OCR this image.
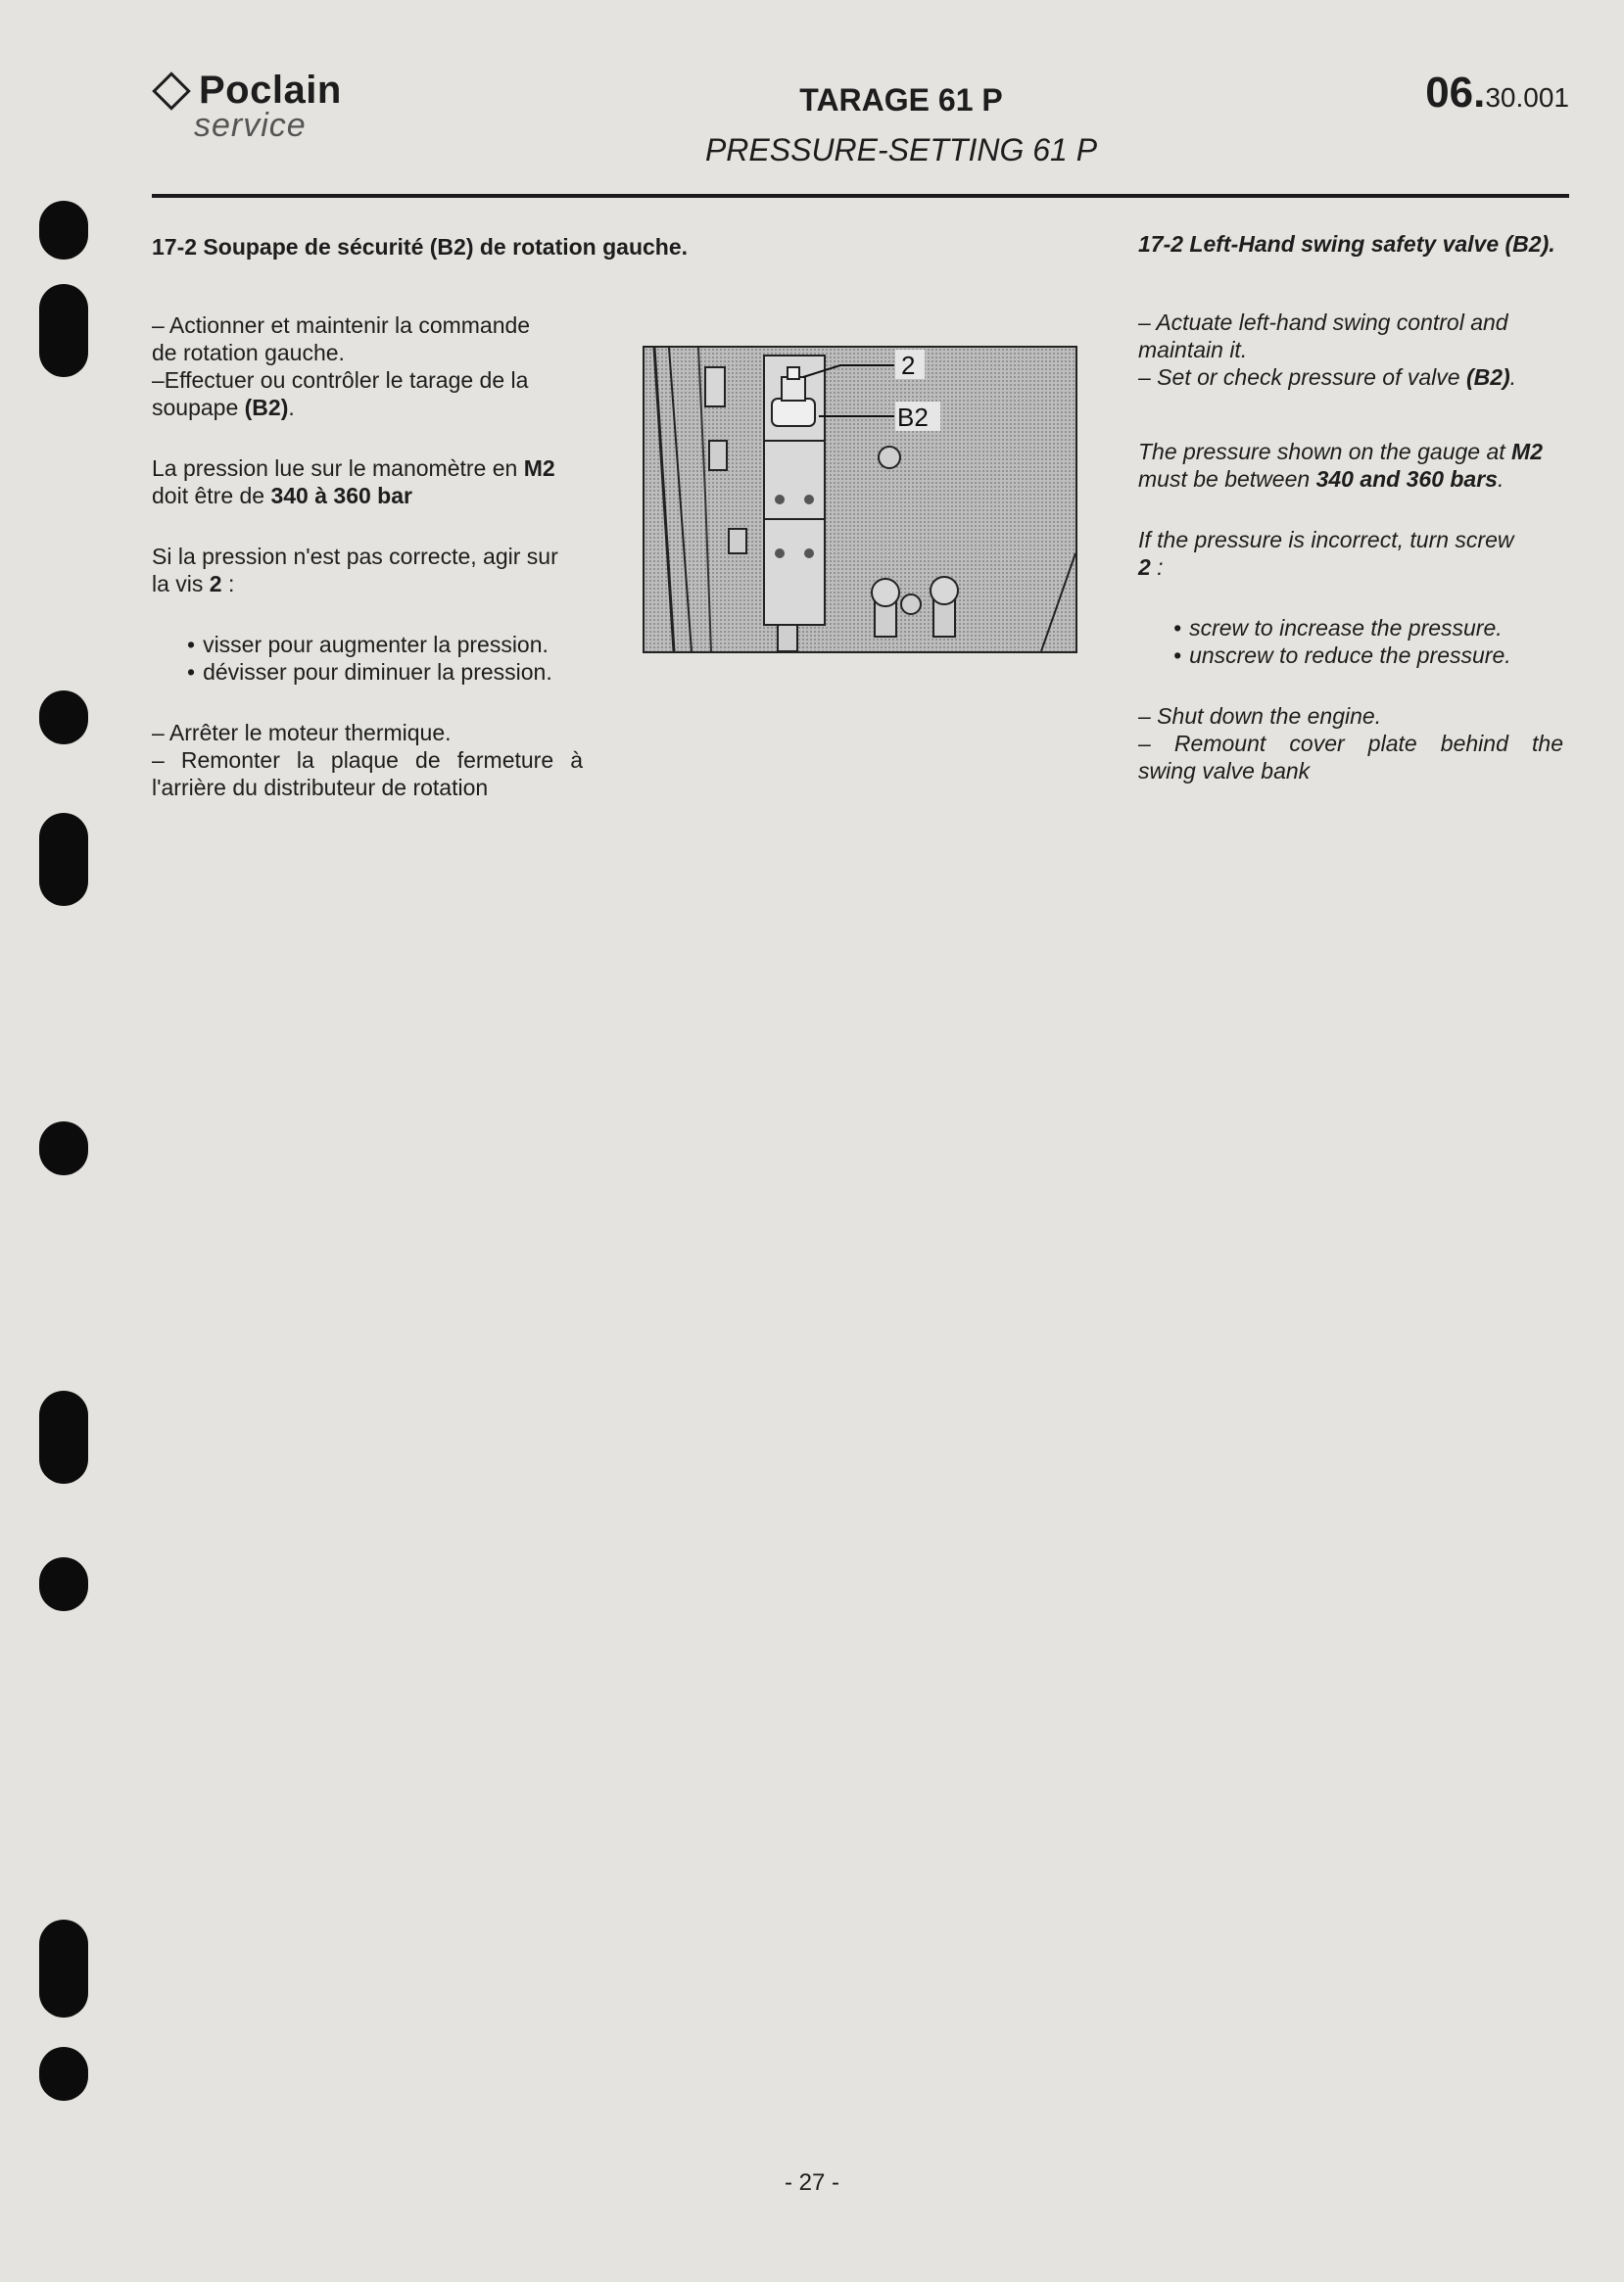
Poclain
service
TARAGE 61 P
PRESSURE-SETTING 61 P
06.30.001
17-2 Soupape de sécurité (B2) de rotation gauche.
– Actionner et maintenir la commande
de rotation gauche.
–Effectuer ou contrôler le tarage de la
soupape (B2).
La pression lue sur le manomètre en M2
doit être de 340 à 360 bar
Si la pression n'est pas correcte, agir sur
la vis 2 :
• visser pour augmenter la pression.
• dévisser pour diminuer la pression.
– Arrêter le moteur thermique.
– Remonter la plaque de fermeture à
l'arrière du distributeur de rotation
2
B2
17-2 Left-Hand swing safety valve (B2).
– Actuate left-hand swing control and
maintain it.
– Set or check pressure of valve (B2).
The pressure shown on the gauge at M2
must be between 340 and 360 bars.
If the pressure is incorrect, turn screw
2 :
• screw to increase the pressure.
• unscrew to reduce the pressure.
– Shut down the engine.
– Remount cover plate behind the
swing valve bank
- 27 -
